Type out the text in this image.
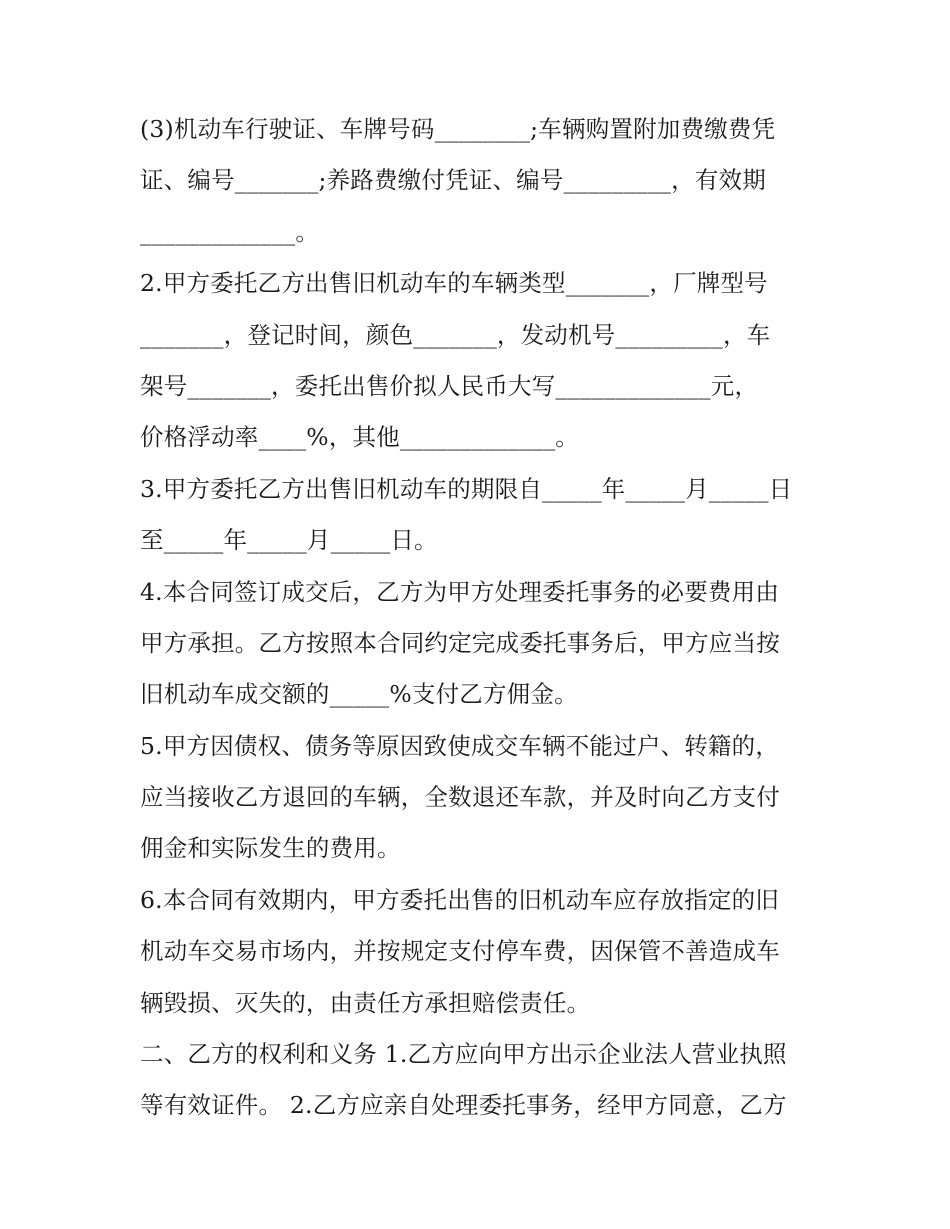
(3)机动车行驶证、车牌号码________;车辆购置附加费缴费凭
证、编号_______;养路费缴付凭证、编号_________，有效期
_____________。
2.甲方委托乙方出售旧机动车的车辆类型_______，厂牌型号
_______，登记时间，颜色_______，发动机号_________，车
架号_______，委托出售价拟人民币大写_____________元，
价格浮动率____%，其他_____________。
3.甲方委托乙方出售旧机动车的期限自_____年_____月_____日
至_____年_____月_____日。
4.本合同签订成交后，乙方为甲方处理委托事务的必要费用由
甲方承担。乙方按照本合同约定完成委托事务后，甲方应当按
旧机动车成交额的_____%支付乙方佣金。
5.甲方因债权、债务等原因致使成交车辆不能过户、转籍的，
应当接收乙方退回的车辆，全数退还车款，并及时向乙方支付
佣金和实际发生的费用。
6.本合同有效期内，甲方委托出售的旧机动车应存放指定的旧
机动车交易市场内，并按规定支付停车费，因保管不善造成车
辆毁损、灭失的，由责任方承担赔偿责任。
二、乙方的权利和义务 1.乙方应向甲方出示企业法人营业执照
等有效证件。 2.乙方应亲自处理委托事务，经甲方同意，乙方
